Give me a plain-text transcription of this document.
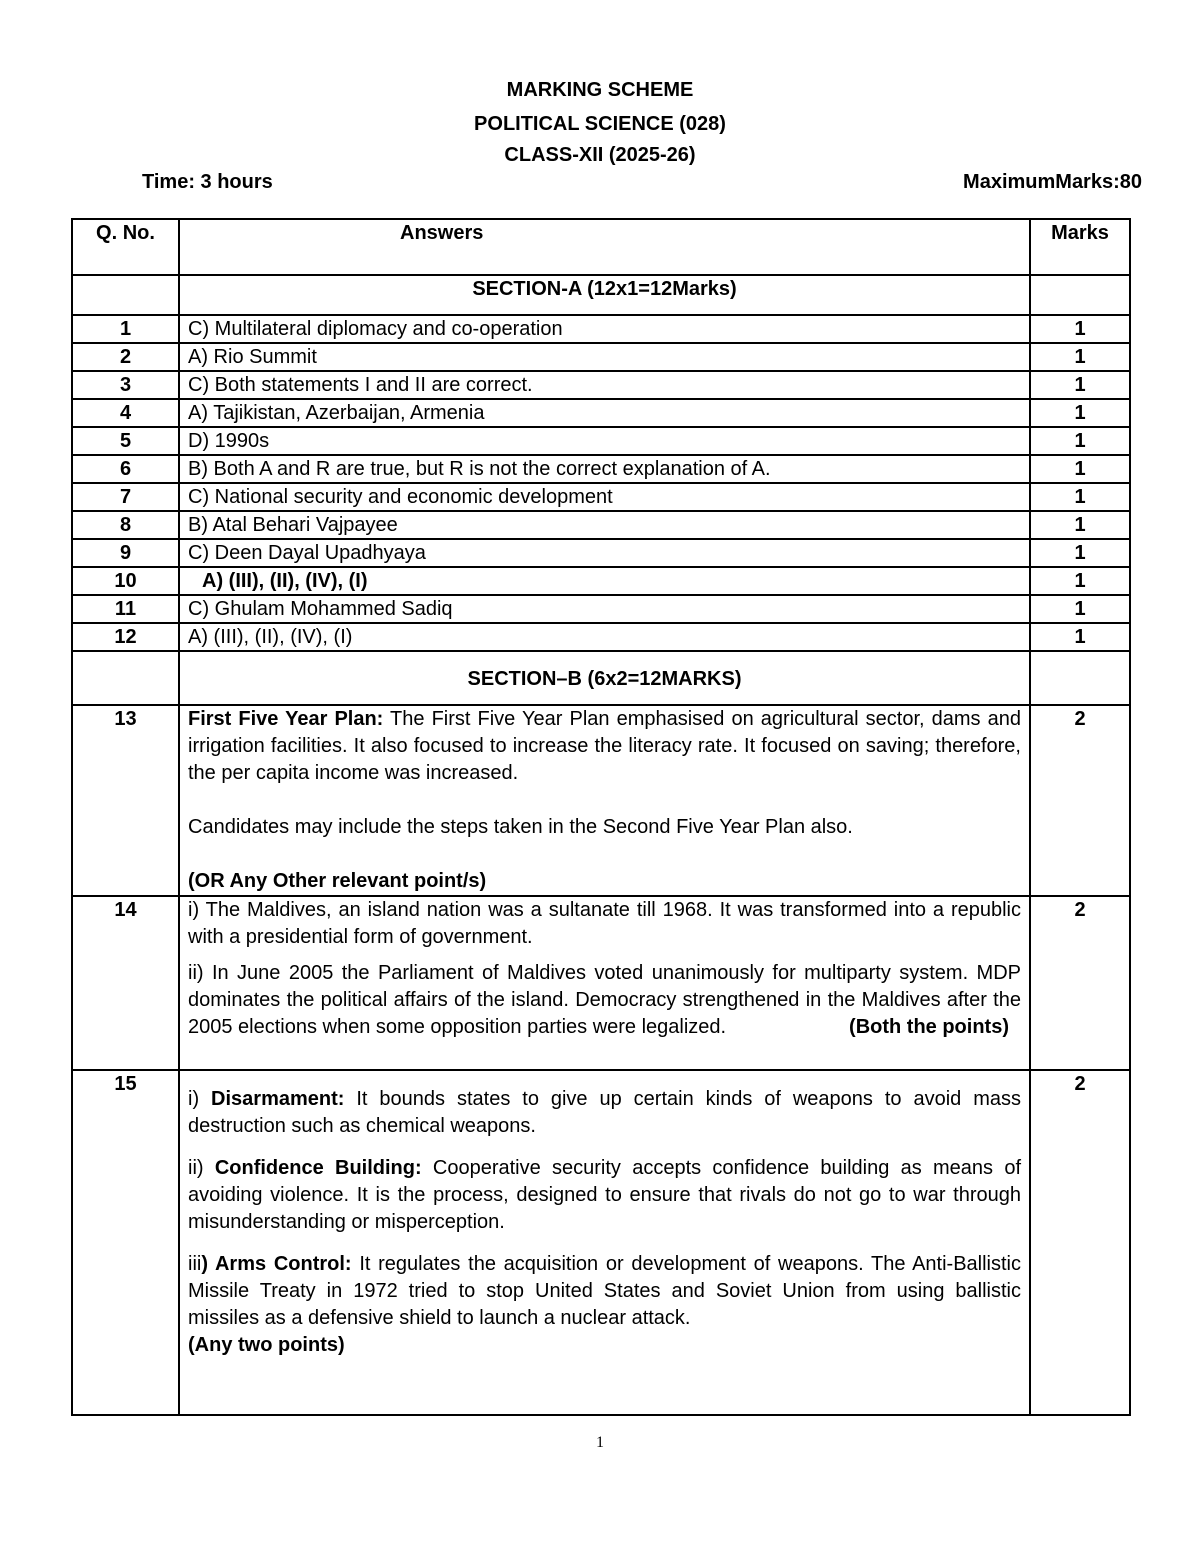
MARKING SCHEME
POLITICAL SCIENCE (028)
CLASS-XII (2025-26)
Time: 3 hours	MaximumMarks:80
Q. No.	Answers	Marks
	SECTION-A (12x1=12Marks)	
1	C) Multilateral diplomacy and co-operation	1
2	A) Rio Summit	1
3	C) Both statements I and II are correct.	1
4	A) Tajikistan, Azerbaijan, Armenia	1
5	D) 1990s	1
6	B) Both A and R are true, but R is not the correct explanation of A.	1
7	C) National security and economic development	1
8	B) Atal Behari Vajpayee	1
9	C) Deen Dayal Upadhyaya	1
10	A) (III), (II), (IV), (I)	1
11	C) Ghulam Mohammed Sadiq	1
12	A) (III), (II), (IV), (I)	1
	SECTION–B (6x2=12MARKS)	
13	First Five Year Plan: The First Five Year Plan emphasised on agricultural sector, dams and irrigation facilities. It also focused to increase the literacy rate. It focused on saving; therefore, the per capita income was increased.

Candidates may include the steps taken in the Second Five Year Plan also.

(OR Any Other relevant point/s)	2
14	i) The Maldives, an island nation was a sultanate till 1968. It was transformed into a republic with a presidential form of government.

ii) In June 2005 the Parliament of Maldives voted unanimously for multiparty system. MDP dominates the political affairs of the island. Democracy strengthened in the Maldives after the 2005 elections when some opposition parties were legalized. (Both the points)	2
15	i) Disarmament: It bounds states to give up certain kinds of weapons to avoid mass destruction such as chemical weapons.

ii) Confidence Building: Cooperative security accepts confidence building as means of avoiding violence. It is the process, designed to ensure that rivals do not go to war through misunderstanding or misperception.

iii) Arms Control: It regulates the acquisition or development of weapons. The Anti-Ballistic Missile Treaty in 1972 tried to stop United States and Soviet Union from using ballistic missiles as a defensive shield to launch a nuclear attack.

(Any two points)	2
1
